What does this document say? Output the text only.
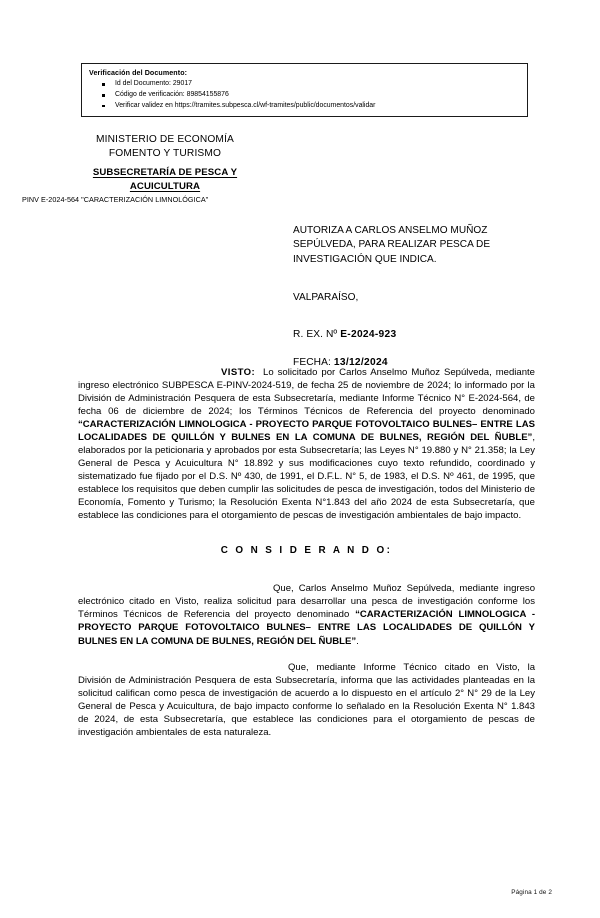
Verificación del Documento:
Id del Documento: 29017
Código de verificación: 89854155876
Verificar validez en https://tramites.subpesca.cl/wf-tramites/public/documentos/validar
MINISTERIO DE ECONOMÍA
FOMENTO Y TURISMO
SUBSECRETARÍA DE PESCA Y
ACUICULTURA
PINV E-2024-564 "CARACTERIZACIÓN LIMNOLÓGICA"
AUTORIZA A CARLOS ANSELMO MUÑOZ SEPÚLVEDA, PARA REALIZAR PESCA DE INVESTIGACIÓN QUE INDICA.
VALPARAÍSO,
R. EX. Nº E-2024-923
FECHA: 13/12/2024

VISTO: Lo solicitado por Carlos Anselmo Muñoz Sepúlveda, mediante ingreso electrónico SUBPESCA E-PINV-2024-519, de fecha 25 de noviembre de 2024; lo informado por la División de Administración Pesquera de esta Subsecretaría, mediante Informe Técnico N° E-2024-564, de fecha 06 de diciembre de 2024; los Términos Técnicos de Referencia del proyecto denominado “CARACTERIZACIÓN LIMNOLOGICA - PROYECTO PARQUE FOTOVOLTAICO BULNES– ENTRE LAS LOCALIDADES DE QUILLÓN Y BULNES EN LA COMUNA DE BULNES, REGIÓN DEL ÑUBLE”, elaborados por la peticionaria y aprobados por esta Subsecretaría; las Leyes N° 19.880 y N° 21.358; la Ley General de Pesca y Acuicultura N° 18.892 y sus modificaciones cuyo texto refundido, coordinado y sistematizado fue fijado por el D.S. Nº 430, de 1991, el D.F.L. N° 5, de 1983, el D.S. Nº 461, de 1995, que establece los requisitos que deben cumplir las solicitudes de pesca de investigación, todos del Ministerio de Economía, Fomento y Turismo; la Resolución Exenta N°1.843 del año 2024 de esta Subsecretaría, que establece las condiciones para el otorgamiento de pescas de investigación ambientales de bajo impacto.

C O N S I D E R A N D O:

Que, Carlos Anselmo Muñoz Sepúlveda, mediante ingreso electrónico citado en Visto, realiza solicitud para desarrollar una pesca de investigación conforme los Términos Técnicos de Referencia del proyecto denominado “CARACTERIZACIÓN LIMNOLOGICA -PROYECTO PARQUE FOTOVOLTAICO BULNES– ENTRE LAS LOCALIDADES DE QUILLÓN Y BULNES EN LA COMUNA DE BULNES, REGIÓN DEL ÑUBLE”.

Que, mediante Informe Técnico citado en Visto, la División de Administración Pesquera de esta Subsecretaría, informa que las actividades planteadas en la solicitud califican como pesca de investigación de acuerdo a lo dispuesto en el artículo 2° N° 29 de la Ley General de Pesca y Acuicultura, de bajo impacto conforme lo señalado en la Resolución Exenta N° 1.843 de 2024, de esta Subsecretaría, que establece las condiciones para el otorgamiento de pescas de investigación ambientales de esta naturaleza.

Página 1 de 2
